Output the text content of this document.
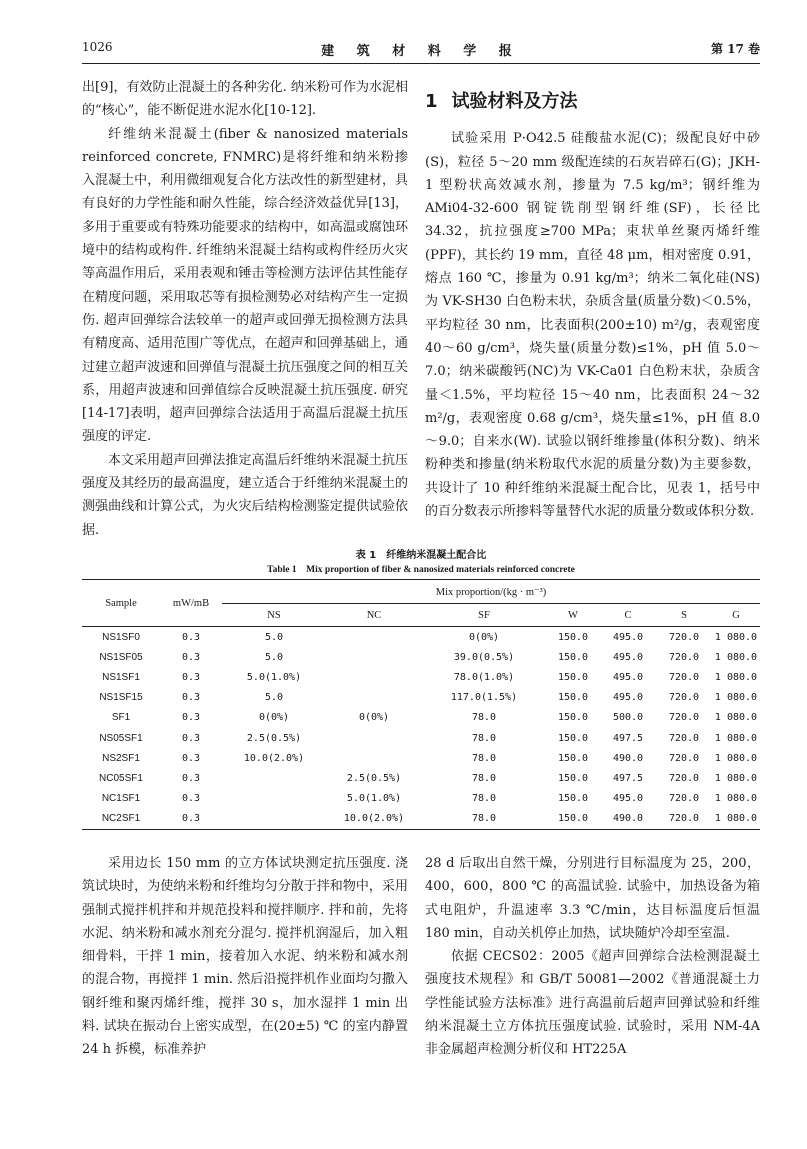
1026	建 筑 材 料 学 报	第 17 卷

出[9]，有效防止混凝土的各种劣化. 纳米粉可作为水泥相的“核心”，能不断促进水泥水化[10-12].

纤维纳米混凝土(fiber & nanosized materials reinforced concrete, FNMRC)是将纤维和纳米粉掺入混凝土中，利用微细观复合化方法改性的新型建材，具有良好的力学性能和耐久性能，综合经济效益优异[13]，多用于重要或有特殊功能要求的结构中，如高温或腐蚀环境中的结构或构件. 纤维纳米混凝土结构或构件经历火灾等高温作用后，采用表观和锤击等检测方法评估其性能存在精度问题，采用取芯等有损检测势必对结构产生一定损伤. 超声回弹综合法较单一的超声或回弹无损检测方法具有精度高、适用范围广等优点，在超声和回弹基础上，通过建立超声波速和回弹值与混凝土抗压强度之间的相互关系，用超声波速和回弹值综合反映混凝土抗压强度. 研究[14-17]表明，超声回弹综合法适用于高温后混凝土抗压强度的评定.

本文采用超声回弹法推定高温后纤维纳米混凝土抗压强度及其经历的最高温度，建立适合于纤维纳米混凝土的测强曲线和计算公式，为火灾后结构检测鉴定提供试验依据.

1 试验材料及方法

试验采用 P·O42.5 硅酸盐水泥(C)；级配良好中砂(S)，粒径 5～20 mm 级配连续的石灰岩碎石(G)；JKH-1 型粉状高效减水剂，掺量为 7.5 kg/m³；钢纤维为 AMi04-32-600 钢锭铣削型钢纤维(SF)，长径比 34.32，抗拉强度≥700 MPa；束状单丝聚丙烯纤维(PPF)，其长约 19 mm，直径 48 μm，相对密度 0.91，熔点 160 ℃，掺量为 0.91 kg/m³；纳米二氧化硅(NS)为 VK-SH30 白色粉末状，杂质含量(质量分数)＜0.5%，平均粒径 30 nm，比表面积(200±10) m²/g，表观密度 40～60 g/cm³，烧失量(质量分数)≤1%，pH 值 5.0～7.0；纳米碳酸钙(NC)为 VK-Ca01 白色粉末状，杂质含量＜1.5%，平均粒径 15～40 nm，比表面积 24～32 m²/g，表观密度 0.68 g/cm³，烧失量≤1%，pH 值 8.0～9.0；自来水(W). 试验以钢纤维掺量(体积分数)、纳米粉种类和掺量(纳米粉取代水泥的质量分数)为主要参数，共设计了 10 种纤维纳米混凝土配合比，见表 1，括号中的百分数表示所掺料等量替代水泥的质量分数或体积分数.

表 1　纤维纳米混凝土配合比
Table 1　Mix proportion of fiber & nanosized materials reinforced concrete
Sample	mW/mB	Mix proportion/(kg · m⁻³)						
		NS	NC	SF	W	C	S	G
NS1SF0	0.3	5.0		0(0%)	150.0	495.0	720.0	1 080.0
NS1SF05	0.3	5.0		39.0(0.5%)	150.0	495.0	720.0	1 080.0
NS1SF1	0.3	5.0(1.0%)		78.0(1.0%)	150.0	495.0	720.0	1 080.0
NS1SF15	0.3	5.0		117.0(1.5%)	150.0	495.0	720.0	1 080.0
SF1	0.3	0(0%)	0(0%)	78.0	150.0	500.0	720.0	1 080.0
NS05SF1	0.3	2.5(0.5%)		78.0	150.0	497.5	720.0	1 080.0
NS2SF1	0.3	10.0(2.0%)		78.0	150.0	490.0	720.0	1 080.0
NC05SF1	0.3		2.5(0.5%)	78.0	150.0	497.5	720.0	1 080.0
NC1SF1	0.3		5.0(1.0%)	78.0	150.0	495.0	720.0	1 080.0
NC2SF1	0.3		10.0(2.0%)	78.0	150.0	490.0	720.0	1 080.0

采用边长 150 mm 的立方体试块测定抗压强度. 浇筑试块时，为使纳米粉和纤维均匀分散于拌和物中，采用强制式搅拌机拌和并规范投料和搅拌顺序. 拌和前，先将水泥、纳米粉和减水剂充分混匀. 搅拌机润湿后，加入粗细骨料，干拌 1 min，接着加入水泥、纳米粉和减水剂的混合物，再搅拌 1 min. 然后沿搅拌机作业面均匀撒入钢纤维和聚丙烯纤维，搅拌 30 s，加水湿拌 1 min 出料. 试块在振动台上密实成型，在(20±5) ℃ 的室内静置 24 h 拆模，标准养护

28 d 后取出自然干燥，分别进行目标温度为 25，200，400，600，800 ℃ 的高温试验. 试验中，加热设备为箱式电阻炉，升温速率 3.3 ℃/min，达目标温度后恒温 180 min，自动关机停止加热，试块随炉冷却至室温.

依据 CECS02：2005《超声回弹综合法检测混凝土强度技术规程》和 GB/T 50081—2002《普通混凝土力学性能试验方法标准》进行高温前后超声回弹试验和纤维纳米混凝土立方体抗压强度试验. 试验时，采用 NM-4A 非金属超声检测分析仪和 HT225A
